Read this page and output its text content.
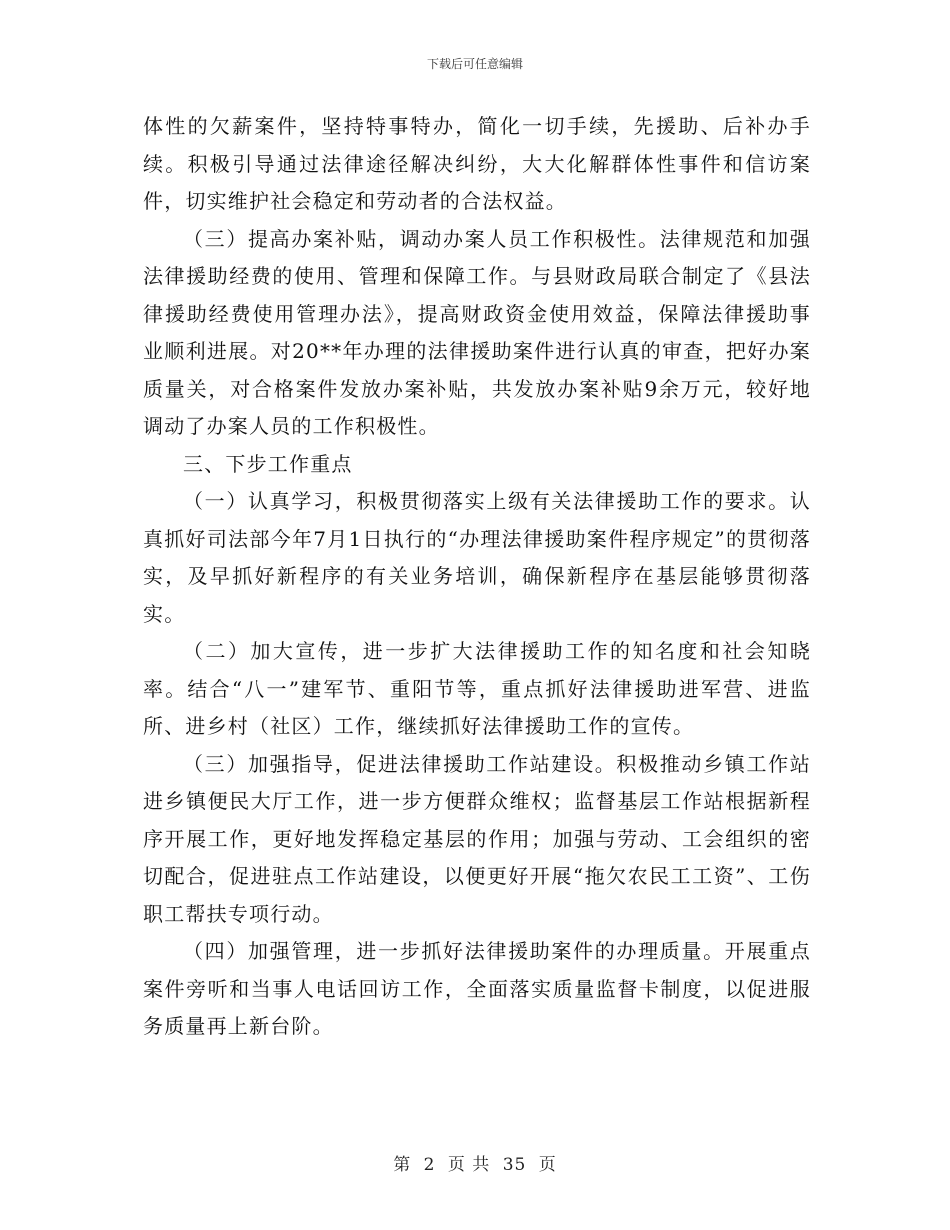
下载后可任意编辑

体性的欠薪案件，坚持特事特办，简化一切手续，先援助、后补办手续。积极引导通过法律途径解决纠纷，大大化解群体性事件和信访案件，切实维护社会稳定和劳动者的合法权益。

（三）提高办案补贴，调动办案人员工作积极性。法律规范和加强法律援助经费的使用、管理和保障工作。与县财政局联合制定了《县法律援助经费使用管理办法》，提高财政资金使用效益，保障法律援助事业顺利进展。对20**年办理的法律援助案件进行认真的审查，把好办案质量关，对合格案件发放办案补贴，共发放办案补贴9余万元，较好地调动了办案人员的工作积极性。

三、下步工作重点

（一）认真学习，积极贯彻落实上级有关法律援助工作的要求。认真抓好司法部今年7月1日执行的“办理法律援助案件程序规定”的贯彻落实，及早抓好新程序的有关业务培训，确保新程序在基层能够贯彻落实。

（二）加大宣传，进一步扩大法律援助工作的知名度和社会知晓率。结合“八一”建军节、重阳节等，重点抓好法律援助进军营、进监所、进乡村（社区）工作，继续抓好法律援助工作的宣传。

（三）加强指导，促进法律援助工作站建设。积极推动乡镇工作站进乡镇便民大厅工作，进一步方便群众维权；监督基层工作站根据新程序开展工作，更好地发挥稳定基层的作用；加强与劳动、工会组织的密切配合，促进驻点工作站建设，以便更好开展“拖欠农民工工资”、工伤职工帮扶专项行动。

（四）加强管理，进一步抓好法律援助案件的办理质量。开展重点案件旁听和当事人电话回访工作，全面落实质量监督卡制度，以促进服务质量再上新台阶。

第 2 页 共 35 页
